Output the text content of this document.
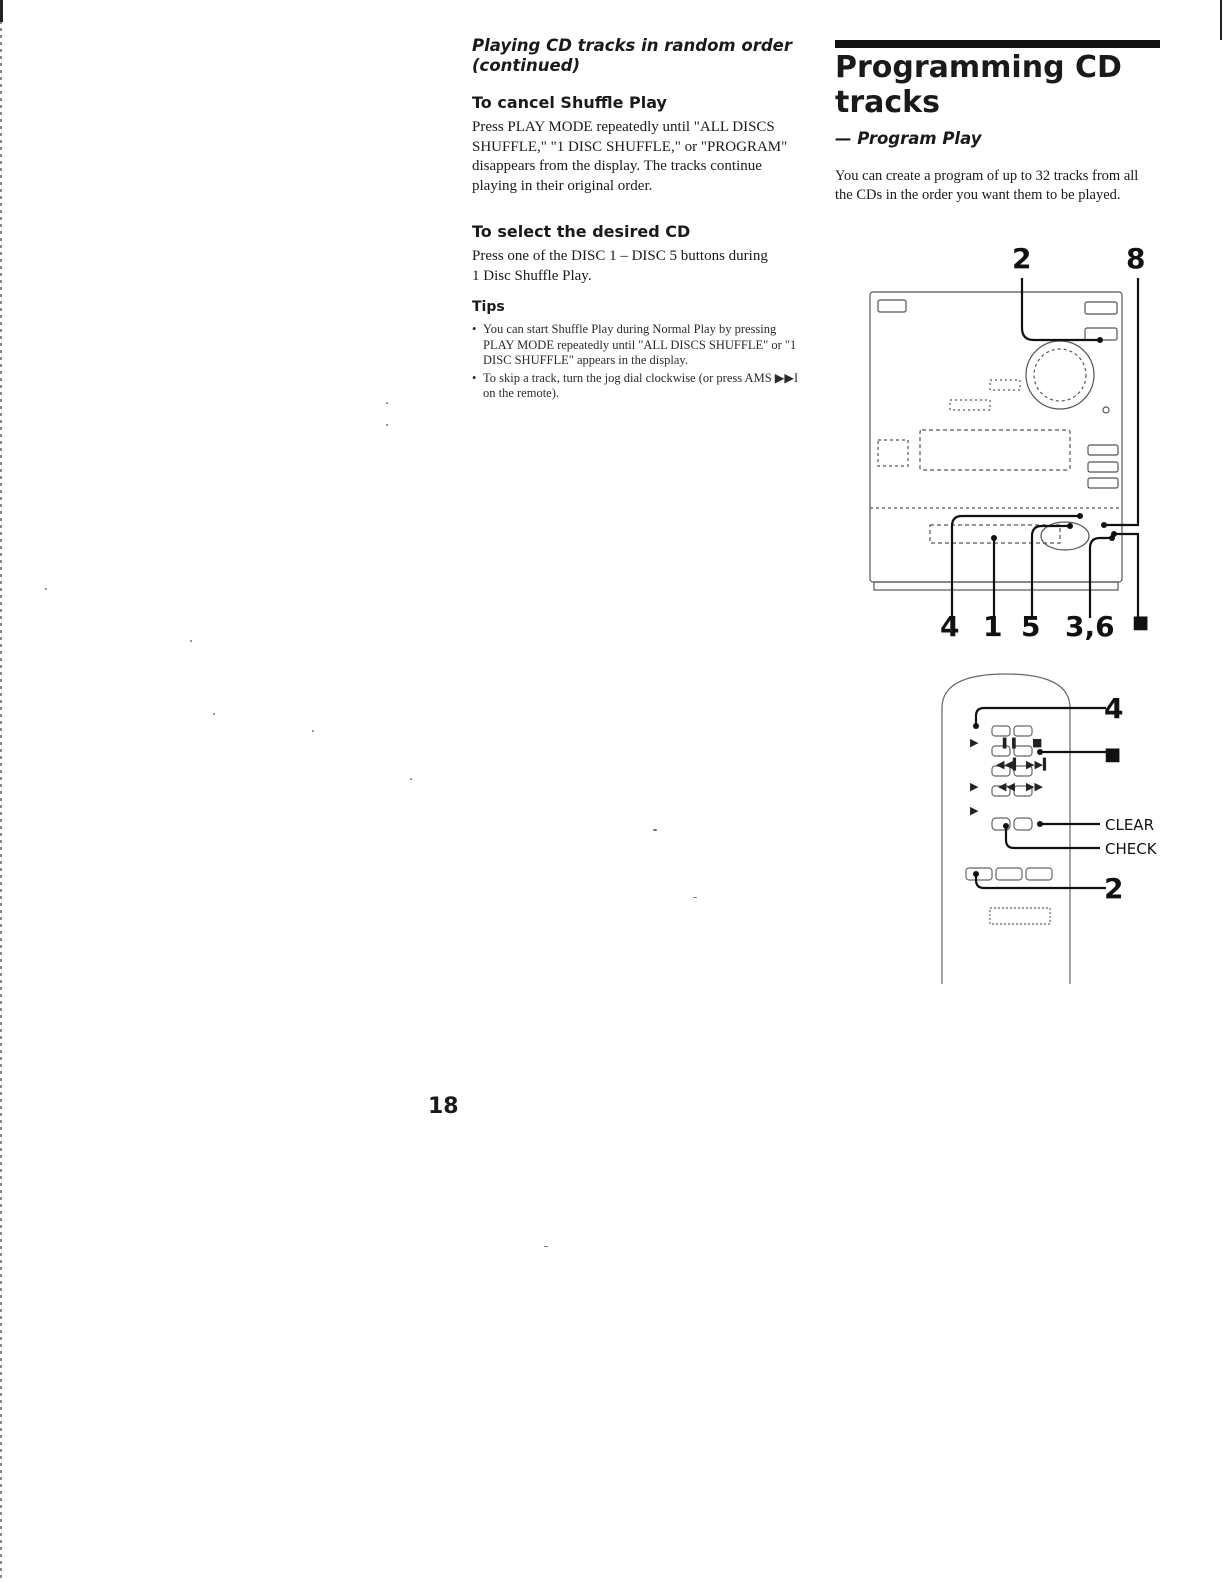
Playing CD tracks in random order (continued)

To cancel Shuffle Play

Press PLAY MODE repeatedly until "ALL DISCS SHUFFLE," "1 DISC SHUFFLE," or "PROGRAM" disappears from the display. The tracks continue playing in their original order.

To select the desired CD

Press one of the DISC 1 – DISC 5 buttons during 1 Disc Shuffle Play.

Tips
• You can start Shuffle Play during Normal Play by pressing PLAY MODE repeatedly until "ALL DISCS SHUFFLE" or "1 DISC SHUFFLE" appears in the display.
• To skip a track, turn the jog dial clockwise (or press AMS ▶▶I on the remote).

18

Programming CD tracks
— Program Play

You can create a program of up to 32 tracks from all the CDs in the order you want them to be played.

2	8
4 1 5 3,6 ■
▶ ❚❚ ■
◀◀▍ ▶▶▍
▶ ◀◀ ▶▶
▶
4
■
CLEAR
CHECK
2
